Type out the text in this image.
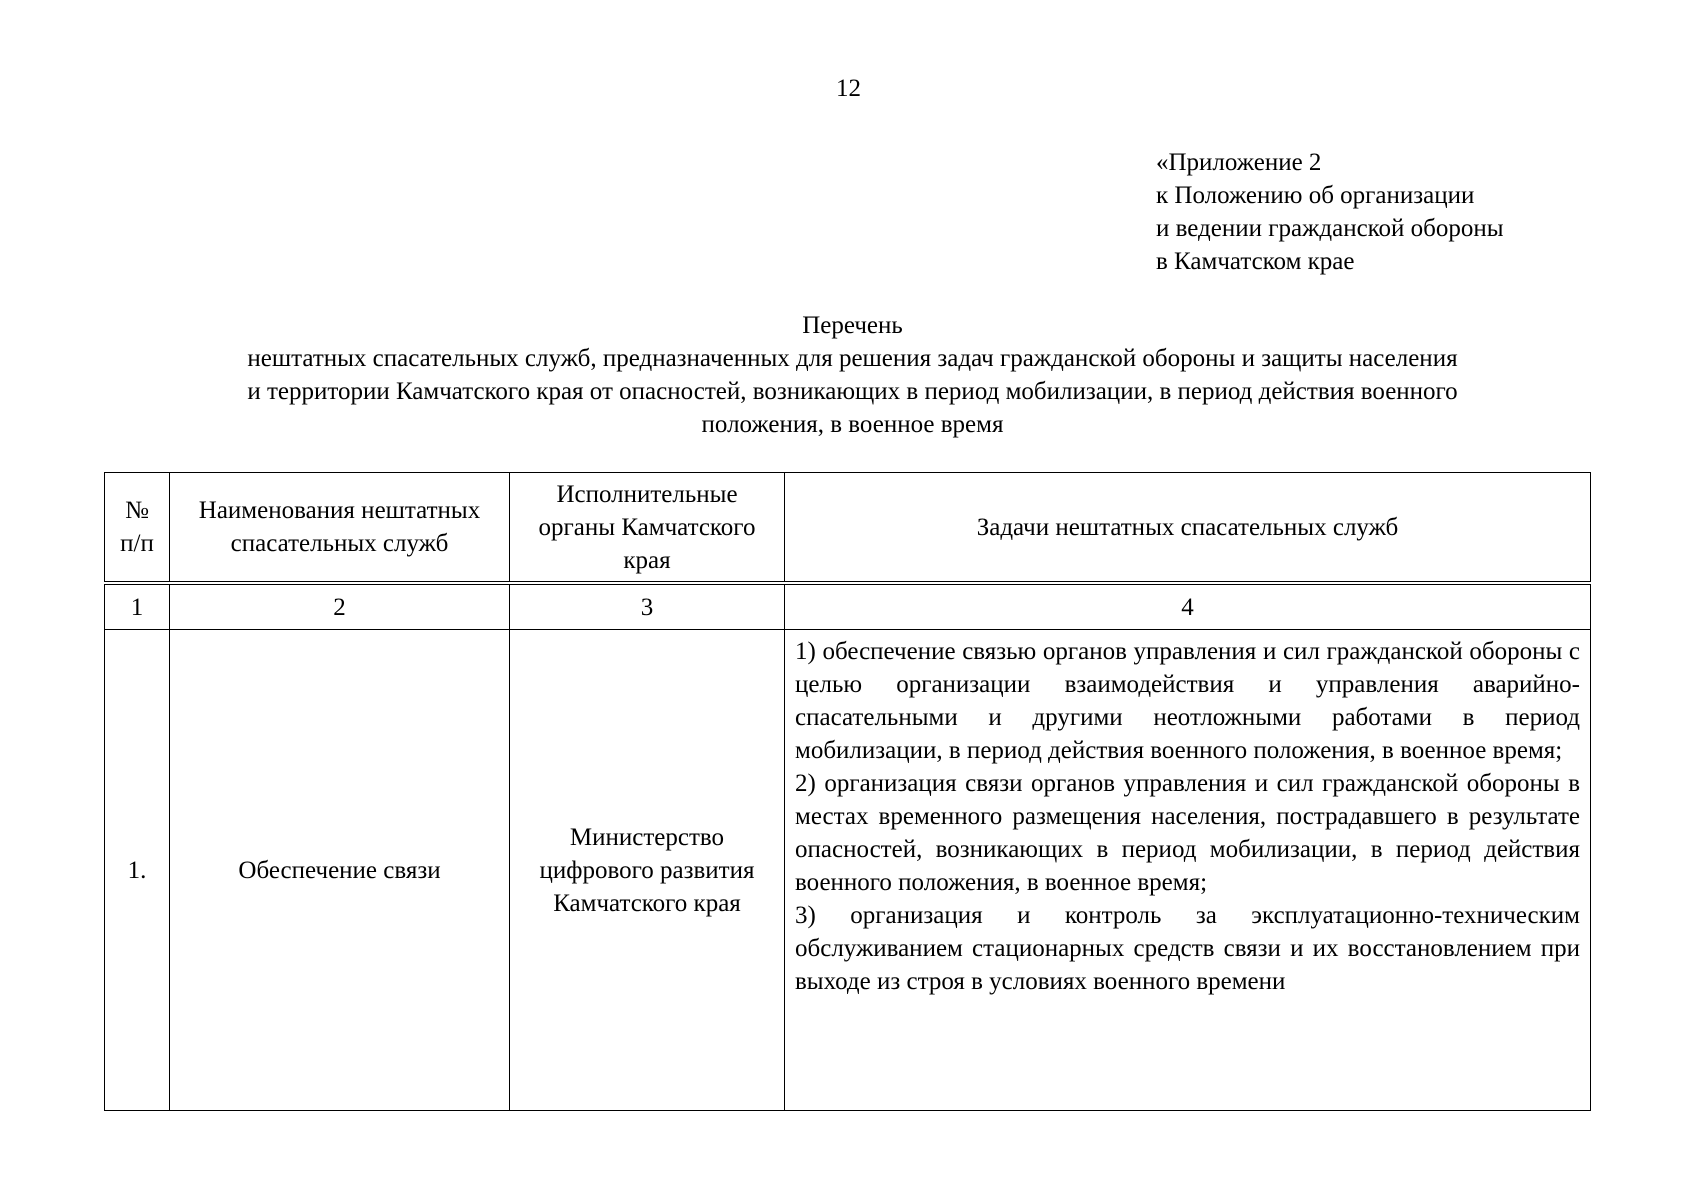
12
«Приложение 2
к Положению об организации
и ведении гражданской обороны
в Камчатском крае
Перечень
нештатных спасательных служб, предназначенных для решения задач гражданской обороны и защиты населения
и территории Камчатского края от опасностей, возникающих в период мобилизации, в период действия военного
положения, в военное время
№ п/п	Наименования нештатных спасательных служб	Исполнительные органы Камчатского края	Задачи нештатных спасательных служб
1	2	3	4
1.	Обеспечение связи	Министерство цифрового развития Камчатского края	1) обеспечение связью органов управления и сил гражданской обороны с целью организации взаимодействия и управления аварийно-спасательными и другими неотложными работами в период мобилизации, в период действия военного положения, в военное время;
2) организация связи органов управления и сил гражданской обороны в местах временного размещения населения, пострадавшего в результате опасностей, возникающих в период мобилизации, в период действия военного положения, в военное время;
3) организация и контроль за эксплуатационно-техническим обслуживанием стационарных средств связи и их восстановлением при выходе из строя в условиях военного времени
